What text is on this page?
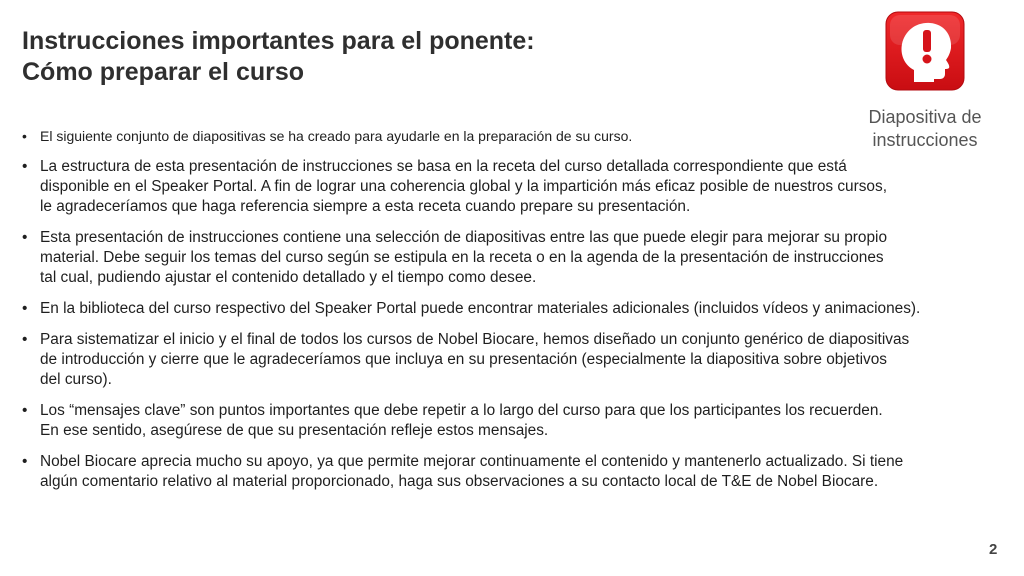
Instrucciones importantes para el ponente:
Cómo preparar el curso
Diapositiva de
instrucciones
• El siguiente conjunto de diapositivas se ha creado para ayudarle en la preparación de su curso.
• La estructura de esta presentación de instrucciones se basa en la receta del curso detallada correspondiente que está
disponible en el Speaker Portal. A fin de lograr una coherencia global y la impartición más eficaz posible de nuestros cursos,
le agradeceríamos que haga referencia siempre a esta receta cuando prepare su presentación.
• Esta presentación de instrucciones contiene una selección de diapositivas entre las que puede elegir para mejorar su propio
material. Debe seguir los temas del curso según se estipula en la receta o en la agenda de la presentación de instrucciones
tal cual, pudiendo ajustar el contenido detallado y el tiempo como desee.
• En la biblioteca del curso respectivo del Speaker Portal puede encontrar materiales adicionales (incluidos vídeos y animaciones).
• Para sistematizar el inicio y el final de todos los cursos de Nobel Biocare, hemos diseñado un conjunto genérico de diapositivas
de introducción y cierre que le agradeceríamos que incluya en su presentación (especialmente la diapositiva sobre objetivos
del curso).
• Los “mensajes clave” son puntos importantes que debe repetir a lo largo del curso para que los participantes los recuerden.
En ese sentido, asegúrese de que su presentación refleje estos mensajes.
• Nobel Biocare aprecia mucho su apoyo, ya que permite mejorar continuamente el contenido y mantenerlo actualizado. Si tiene
algún comentario relativo al material proporcionado, haga sus observaciones a su contacto local de T&E de Nobel Biocare.
2
